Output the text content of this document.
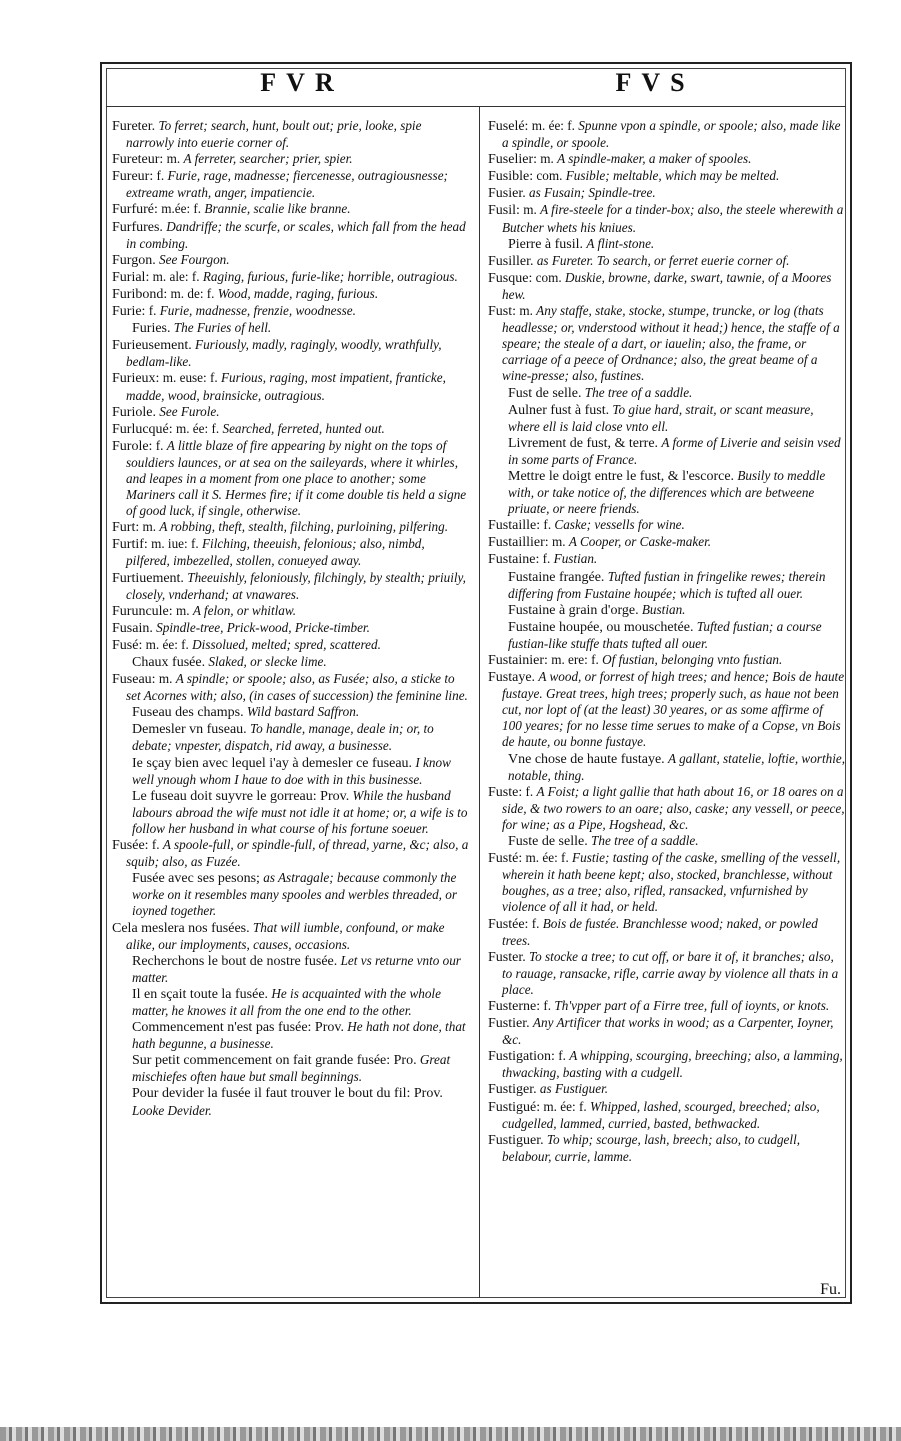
FVR	FVS

Fureter. To ferret; search, hunt, boult out; prie, looke, spie narrowly into euerie corner of.

Fureteur: m. A ferreter, searcher; prier, spier.

Fureur: f. Furie, rage, madnesse; fiercenesse, outragiousnesse; extreame wrath, anger, impatiencie.

Furfuré: m.ée: f. Brannie, scalie like branne.

Furfures. Dandriffe; the scurfe, or scales, which fall from the head in combing.

Furgon. See Fourgon.

Furial: m. ale: f. Raging, furious, furie-like; horrible, outragious.

Furibond: m. de: f. Wood, madde, raging, furious.

Furie: f. Furie, madnesse, frenzie, woodnesse.

Furies. The Furies of hell.

Furieusement. Furiously, madly, ragingly, woodly, wrathfully, bedlam-like.

Furieux: m. euse: f. Furious, raging, most impatient, franticke, madde, wood, brainsicke, outragious.

Furiole. See Furole.

Furlucqué: m. ée: f. Searched, ferreted, hunted out.

Furole: f. A little blaze of fire appearing by night on the tops of souldiers launces, or at sea on the saileyards, where it whirles, and leapes in a moment from one place to another; some Mariners call it S. Hermes fire; if it come double tis held a signe of good luck, if single, otherwise.

Furt: m. A robbing, theft, stealth, filching, purloining, pilfering.

Furtif: m. iue: f. Filching, theeuish, felonious; also, nimbd, pilfered, imbezelled, stollen, conueyed away.

Furtiuement. Theeuishly, feloniously, filchingly, by stealth; priuily, closely, vnderhand; at vnawares.

Furuncule: m. A felon, or whitlaw.

Fusain. Spindle-tree, Prick-wood, Pricke-timber.

Fusé: m. ée: f. Dissolued, melted; spred, scattered.

Chaux fusée. Slaked, or slecke lime.

Fuseau: m. A spindle; or spoole; also, as Fusée; also, a sticke to set Acornes with; also, (in cases of succession) the feminine line.

Fuseau des champs. Wild bastard Saffron.

Demesler vn fuseau. To handle, manage, deale in; or, to debate; vnpester, dispatch, rid away, a businesse.

Ie sçay bien avec lequel i'ay à demesler ce fuseau. I know well ynough whom I haue to doe with in this businesse.

Le fuseau doit suyvre le gorreau: Prov. While the husband labours abroad the wife must not idle it at home; or, a wife is to follow her husband in what course of his fortune soeuer.

Fusée: f. A spoole-full, or spindle-full, of thread, yarne, &c; also, a squib; also, as Fuzée.

Fusée avec ses pesons; as Astragale; because commonly the worke on it resembles many spooles and werbles threaded, or ioyned together.

Cela meslera nos fusées. That will iumble, confound, or make alike, our imployments, causes, occasions.

Recherchons le bout de nostre fusée. Let vs returne vnto our matter.

Il en sçait toute la fusée. He is acquainted with the whole matter, he knowes it all from the one end to the other.

Commencement n'est pas fusée: Prov. He hath not done, that hath begunne, a businesse.

Sur petit commencement on fait grande fusée: Pro. Great mischiefes often haue but small beginnings.

Pour devider la fusée il faut trouver le bout du fil: Prov. Looke Devider.

Fuselé: m. ée: f. Spunne vpon a spindle, or spoole; also, made like a spindle, or spoole.

Fuselier: m. A spindle-maker, a maker of spooles.

Fusible: com. Fusible; meltable, which may be melted.

Fusier. as Fusain; Spindle-tree.

Fusil: m. A fire-steele for a tinder-box; also, the steele wherewith a Butcher whets his kniues.

Pierre à fusil. A flint-stone.

Fusiller. as Fureter. To search, or ferret euerie corner of.

Fusque: com. Duskie, browne, darke, swart, tawnie, of a Moores hew.

Fust: m. Any staffe, stake, stocke, stumpe, truncke, or log (thats headlesse; or, vnderstood without it head;) hence, the staffe of a speare; the steale of a dart, or iauelin; also, the frame, or carriage of a peece of Ordnance; also, the great beame of a wine-presse; also, fustines.

Fust de selle. The tree of a saddle.

Aulner fust à fust. To giue hard, strait, or scant measure, where ell is laid close vnto ell.

Livrement de fust, & terre. A forme of Liverie and seisin vsed in some parts of France.

Mettre le doigt entre le fust, & l'escorce. Busily to meddle with, or take notice of, the differences which are betweene priuate, or neere friends.

Fustaille: f. Caske; vessells for wine.

Fustaillier: m. A Cooper, or Caske-maker.

Fustaine: f. Fustian.

Fustaine frangée. Tufted fustian in fringelike rewes; therein differing from Fustaine houpée; which is tufted all ouer.

Fustaine à grain d'orge. Bustian.

Fustaine houpée, ou mouschetée. Tufted fustian; a course fustian-like stuffe thats tufted all ouer.

Fustainier: m. ere: f. Of fustian, belonging vnto fustian.

Fustaye. A wood, or forrest of high trees; and hence; Bois de haute fustaye. Great trees, high trees; properly such, as haue not been cut, nor lopt of (at the least) 30 yeares, or as some affirme of 100 yeares; for no lesse time serues to make of a Copse, vn Bois de haute, ou bonne fustaye.

Vne chose de haute fustaye. A gallant, statelie, loftie, worthie, notable, thing.

Fuste: f. A Foist; a light gallie that hath about 16, or 18 oares on a side, & two rowers to an oare; also, caske; any vessell, or peece, for wine; as a Pipe, Hogshead, &c.

Fuste de selle. The tree of a saddle.

Fusté: m. ée: f. Fustie; tasting of the caske, smelling of the vessell, wherein it hath beene kept; also, stocked, branchlesse, without boughes, as a tree; also, rifled, ransacked, vnfurnished by violence of all it had, or held.

Fustée: f. Bois de fustée. Branchlesse wood; naked, or powled trees.

Fuster. To stocke a tree; to cut off, or bare it of, it branches; also, to rauage, ransacke, rifle, carrie away by violence all thats in a place.

Fusterne: f. Th'vpper part of a Firre tree, full of ioynts, or knots.

Fustier. Any Artificer that works in wood; as a Carpenter, Ioyner, &c.

Fustigation: f. A whipping, scourging, breeching; also, a lamming, thwacking, basting with a cudgell.

Fustiger. as Fustiguer.

Fustigué: m. ée: f. Whipped, lashed, scourged, breeched; also, cudgelled, lammed, curried, basted, bethwacked.

Fustiguer. To whip; scourge, lash, breech; also, to cudgell, belabour, currie, lamme.

Fu.
